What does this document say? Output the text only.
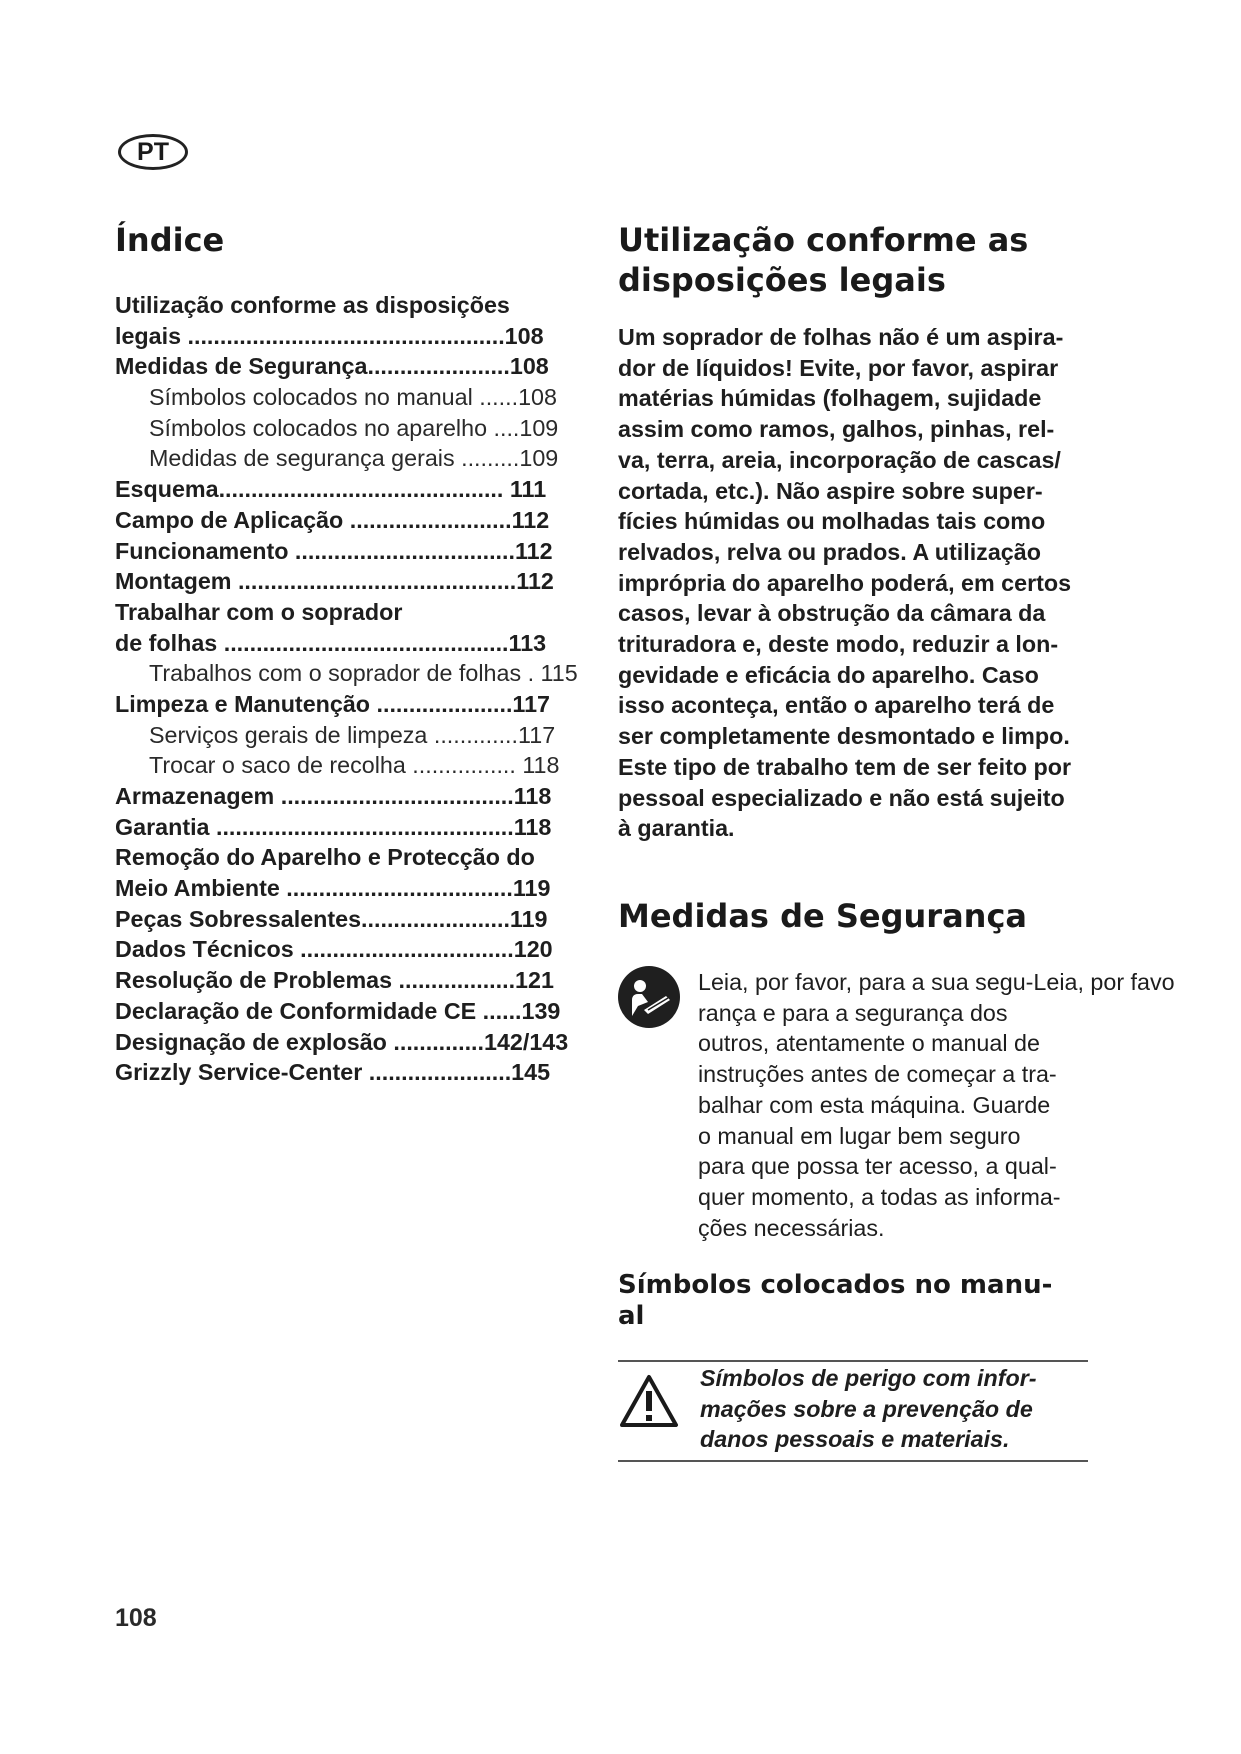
PT
Índice
Utilização conforme as disposições
legais .................................................108
Medidas de Segurança......................108
Símbolos colocados no manual ......108
Símbolos colocados no aparelho ....109
Medidas de segurança gerais .........109
Esquema............................................ 111
Campo de Aplicação .........................112
Funcionamento ..................................112
Montagem ...........................................112
Trabalhar com o soprador
de folhas ............................................113
Trabalhos com o soprador de folhas . 115
Limpeza e Manutenção .....................117
Serviços gerais de limpeza .............117
Trocar o saco de recolha ................ 118
Armazenagem ....................................118
Garantia ..............................................118
Remoção do Aparelho e Protecção do
Meio Ambiente ...................................119
Peças Sobressalentes.......................119
Dados Técnicos .................................120
Resolução de Problemas ..................121
Declaração de Conformidade CE ......139
Designação de explosão ..............142/143
Grizzly Service-Center ......................145
Utilização conforme as
disposições legais
Um soprador de folhas não é um aspira-
dor de líquidos! Evite, por favor, aspirar
matérias húmidas (folhagem, sujidade
assim como ramos, galhos, pinhas, rel-
va, terra, areia, incorporação de cascas/
cortada, etc.). Não aspire sobre super-
fícies húmidas ou molhadas tais como
relvados, relva ou prados. A utilização
imprópria do aparelho poderá, em certos
casos, levar à obstrução da câmara da
trituradora e, deste modo, reduzir a lon-
gevidade e eficácia do aparelho. Caso
isso aconteça, então o aparelho terá de
ser completamente desmontado e limpo.
Este tipo de trabalho tem de ser feito por
pessoal especializado e não está sujeito
à garantia.
Medidas de Segurança
Leia, por favor, para a sua segu-Leia, por favo
rança e para a segurança dos
outros, atentamente o manual de
instruções antes de começar a tra-
balhar com esta máquina. Guarde
o manual em lugar bem seguro
para que possa ter acesso, a qual-
quer momento, a todas as informa-
ções necessárias.
Símbolos colocados no manu-
al
Símbolos de perigo com infor-
mações sobre a prevenção de
danos pessoais e materiais.
108
